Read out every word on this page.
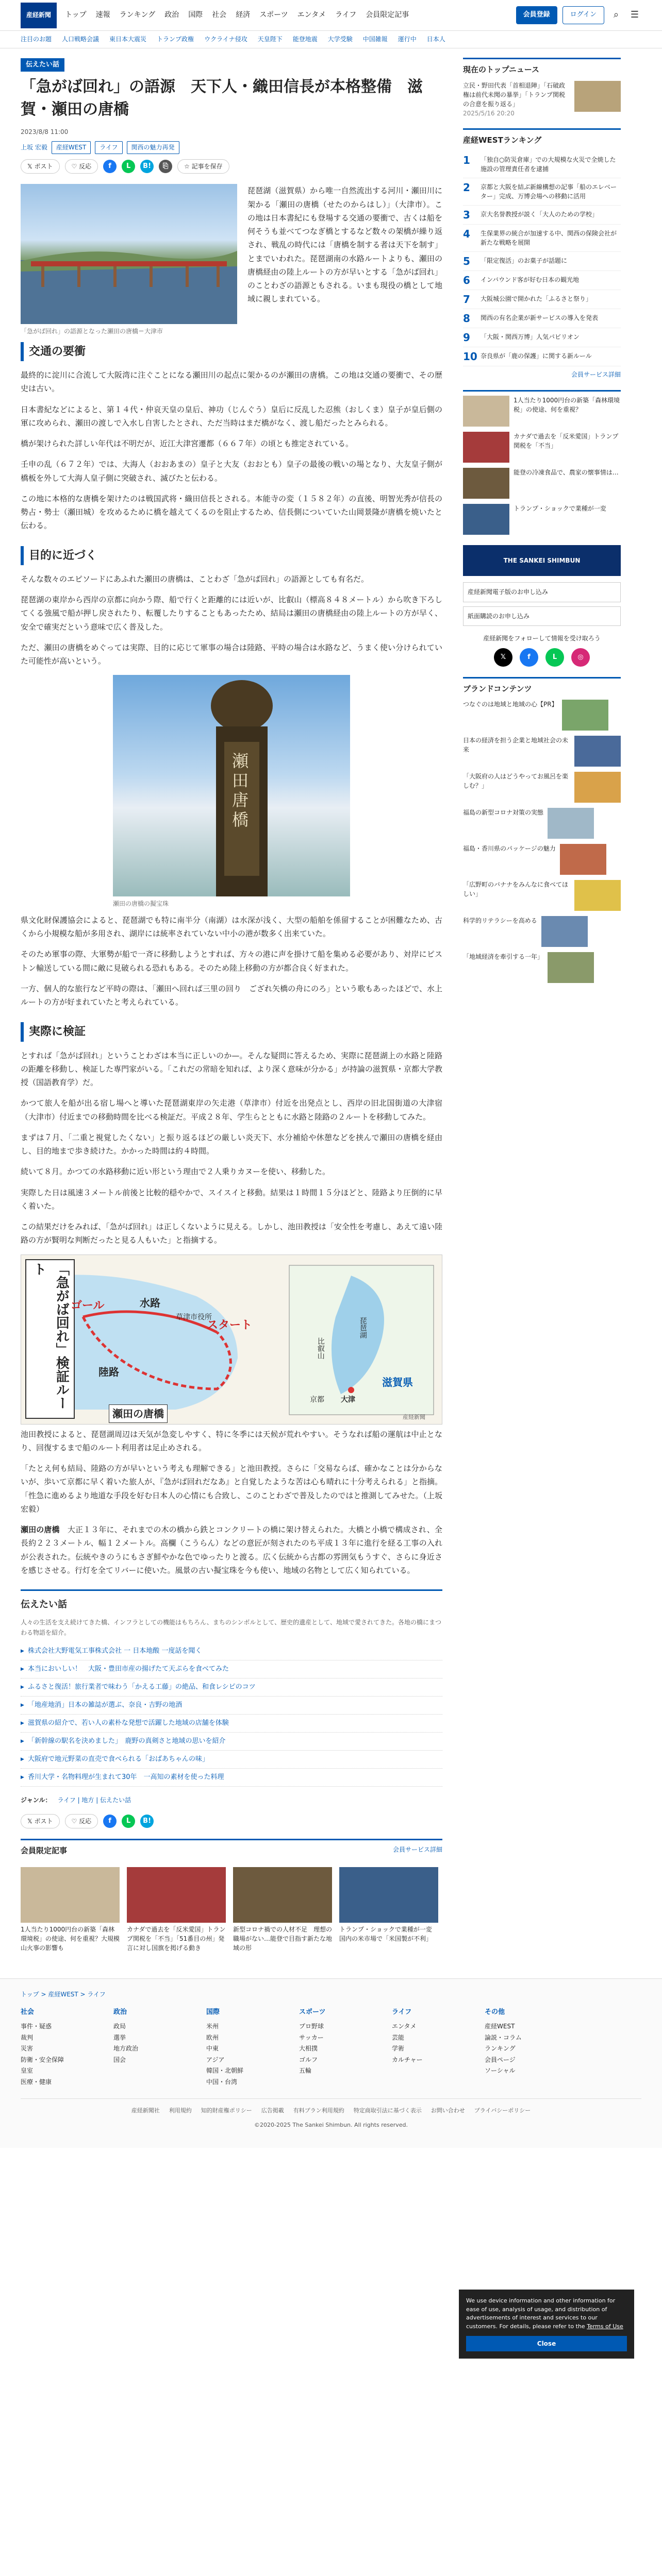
産経新聞	トップ 速報 ランキング 政治 国際 社会 経済 スポーツ エンタメ ライフ 会員限定記事	会員登録	ログイン	⌕	☰
注目のお題 人口戦略会議 東日本大震災 トランプ政権 ウクライナ侵攻 天皇陛下 能登地震 大学受験 中国雑報 運行中 日本人
伝えたい話
「急がば回れ」の語源　天下人・織田信長が本格整備　滋賀・瀬田の唐橋
2023/8/8 11:00
上坂 宏毅	産経WEST	ライフ	関西の魅力再発
𝕏 ポスト	♡ 反応	f	L	B!	⎘	☆ 記事を保存
「急がば回れ」の語源となった瀬田の唐橋＝大津市

琵琶湖（滋賀県）から唯一自然流出する河川・瀬田川に架かる「瀬田の唐橋（せたのからはし）」（大津市）。この地は日本書紀にも登場する交通の要衝で、古くは船を何そうも並べてつなぎ橋とするなど数々の架橋が繰り返され、戦乱の時代には「唐橋を制する者は天下を制す」とまでいわれた。琵琶湖南の水路ルートよりも、瀬田の唐橋経由の陸上ルートの方が早いとする「急がば回れ」のことわざの語源ともされる。いまも現役の橋として地域に親しまれている。

交通の要衝

最終的に淀川に合流して大阪湾に注ぐことになる瀬田川の起点に架かるのが瀬田の唐橋。この地は交通の要衝で、その歴史は古い。

日本書紀などによると、第１４代・仲哀天皇の皇后、神功（じんぐう）皇后に反乱した忍熊（おしくま）皇子が皇后側の軍に攻められ、瀬田の渡しで入水し自害したとされ、ただ当時はまだ橋がなく、渡し船だったとみられる。

橋が架けられた詳しい年代は不明だが、近江大津宮遷都（６６７年）の頃とも推定されている。

壬申の乱（６７２年）では、大海人（おおあまの）皇子と大友（おおとも）皇子の最後の戦いの場となり、大友皇子側が橋板を外して大海人皇子側に突破され、滅びたと伝わる。

この地に本格的な唐橋を架けたのは戦国武将・織田信長とされる。本能寺の変（１５８２年）の直後、明智光秀が信長の勢占・勢士（瀬田城）を攻めるために橋を越えてくるのを阻止するため、信長側についていた山岡景隆が唐橋を焼いたと伝わる。

目的に近づく

そんな数々のエピソードにあふれた瀬田の唐橋は、ことわざ「急がば回れ」の語源としても有名だ。

琵琶湖の東岸から西岸の京都に向かう際、船で行くと距離的には近いが、比叡山（標高８４８メートル）から吹き下ろしてくる強風で船が押し戻されたり、転覆したりすることもあったため、結局は瀬田の唐橋経由の陸上ルートの方が早く、安全で確実だという意味で広く普及した。

ただ、瀬田の唐橋をめぐっては実際、目的に応じて軍事の場合は陸路、平時の場合は水路など、うまく使い分けられていた可能性が高いという。

瀬田唐橋
瀬田の唐橋の擬宝珠

県文化財保護協会によると、琵琶湖でも特に南半分（南湖）は水深が浅く、大型の船舶を係留することが困難なため、古くから小規模な船が多用され、湖岸には統率されていない中小の港が数多く出来ていた。

そのため軍事の際、大軍勢が船で一斉に移動しようとすれば、方々の港に声を掛けて船を集める必要があり、対岸にピストン輸送している間に敵に見破られる恐れもある。そのため陸上移動の方が都合良く好まれた。

一方、個人的な旅行など平時の際は、「瀬田へ回れば三里の回り　ござれ矢橋の舟にのろ」という歌もあったほどで、水上ルートの方が好まれていたと考えられている。

実際に検証

とすれば「急がば回れ」ということわざは本当に正しいのか—。そんな疑問に答えるため、実際に琵琶湖上の水路と陸路の距離を移動し、検証した専門家がいる。「これだの常暗を知れば、より深く意味が分かる」が持論の滋賀県・京都大学教授（国語教育学）だ。

かつて旅人を船が出る宿し場へと導いた琵琶湖東岸の矢走港（草津市）付近を出発点とし、西岸の旧北国街道の大津宿（大津市）付近までの移動時間を比べる検証だ。平成２８年、学生らとともに水路と陸路の２ルートを移動してみた。

まずは７月、「二重と視覚したくない」と振り返るほどの厳しい炎天下、水分補給や休憩などを挟んで瀬田の唐橋を経由し、目的地まで歩き続けた。かかった時間は約４時間。

続いて８月。かつての水路移動に近い形という理由で２人乗りカヌーを使い、移動した。

実際した日は風速３メートル前後と比較的穏やかで、スイスイと移動。結果は１時間１５分ほどと、陸路より圧倒的に早く着いた。

この結果だけをみれば、「急がば回れ」は正しくないように見える。しかし、池田教授は「安全性を考慮し、あえて遠い陸路の方が賢明な判断だったと見る人もいた」と指摘する。

「急がば回れ」検証ルート
ゴール
スタート
水路
陸路
草津市役所
瀬田の唐橋
琵琶湖
滋賀県
大津
比叡山
京都
産経新聞

池田教授によると、琵琶湖周辺は天気が急変しやすく、特に冬季には天候が荒れやすい。そうなれば船の運航は中止となり、回復するまで船のルート利用者は足止めされる。

「たとえ何も結局、陸路の方が早いという考えも理解できる」と池田教授。さらに「交易ならば、確かなことは分からないが、歩いて京都に早く着いた旅人が、『急がば回れだなあ』と自覚したような苦は心も晴れに十分考えられる」と指摘。「性急に進めるより地道な手段を好む日本人の心情にも合致し、このことわざで普及したのではと推測してみせた。（上坂宏毅）

瀬田の唐橋　 大正１３年に、それまでの木の橋から鉄とコンクリートの橋に架け替えられた。大橋と小橋で構成され、全長約２２３メートル、幅１２メートル。高欄（こうらん）などの意匠が刻されたのち平成１３年に進行を経る工事の入れが公表された。伝統やきのうにもさぎ鮮やかな色でゆったりと渡る。広く伝統から古都の雰囲気もうすぐ、さらに身近さを感じさせる。行灯を全てリバーに使いた。風景の古い擬宝珠を今も使い、地域の名物として広く知られている。

伝えたい話

人々の生活を支え続けてきた橋、インフラとしての機能はもちろん、まちのシンボルとして、歴史的遺産として、地域で愛されてきた。各地の橋にまつわる物語を紹介。

▶ 株式会社大野電気工事株式会社 一 日本地酸 一度話を聞く
▶ 本当においしい！　大阪・豊田市産の揚げたて天ぷらを食べてみた
▶ ふるさと復活！旅行業者で味わう「かえる工藤」の絶品、和食レシピのコツ
▶ 「地産地消」日本の雑誌が選ぶ、奈良・吉野の地酒
▶ 滋賀県の紹介で、若い人の素朴な発想で活躍した地域の店舗を体験
▶ 「新幹線の駅名を決めました」　鹿野の真剣さと地域の思いを紹介
▶ 大阪府で地元野菜の直売で食べられる「おばあちゃんの味」
▶ 香川大学・名物料理が生まれて30年　一高知の素材を使った料理
ジャンル： ライフ | 地方 | 伝えたい話
𝕏 ポスト	♡ 反応	f	L	B!
会員限定記事	会員サービス詳細

1人当たり1000円台の新築「森林環境税」の使途、何を重視？大規模山火事の影響も

カナダで過去を「反米愛国」トランプ関税を「不当」「51番目の州」発言に対し国旗を掲げる動き

新型コロナ禍での人材不足　理想の職場がない…能登で目指す新たな地域の形

トランプ・ショックで業種が一変 国内の米市場で「米国製が不利」

現在のトップニュース
立民・野田代表「首相退陣」「石破政権は前代未聞の暴挙」「トランプ関税の合意を振り返る」
2025/5/16 20:20
産経WESTランキング
1	「独自○防災倉庫」での大規模な火災で全焼した施設の管理責任者を逮捕
2	京都と大阪を結ぶ新線構想の記事「船のエレベーター」完成、万博会場への移動に活用
3	京大名誉教授が説く「大人のための学校」
4	生保業界の統合が加速する中、関西の保険会社が新たな戦略を展開
5	「限定復活」のお菓子が話題に
6	インバウンド客が好む日本の観光地
7	大阪城公園で開かれた「ふるさと祭り」
8	関西の有名企業が新サービスの導入を発表
9	「大阪・関西万博」人気パビリオン
10 奈良県が「鹿の保護」に関する新ルール
会員サービス詳細
1人当たり1000円台の新築「森林環境税」の使途、何を重視？
カナダで過去を「反米愛国」トランプ関税を「不当」
能登の冷凍食品で、農家の懐事情は…
トランプ・ショックで業種が一変
THE SANKEI SHIMBUN
産経新聞電子版のお申し込み
紙面購読のお申し込み
産経新聞をフォローして情報を受け取ろう
𝕏	f	L	◎
ブランドコンテンツ
つなぐのは地域と地域の心【PR】
日本の経済を担う企業と地域社会の未来
「大阪府の人はどうやってお風呂を楽しむ？」
福島の新型コロナ対策の実態
福島・香川県のパッケージの魅力
「広野町のバナナをみんなに食べてほしい」
科学的リテラシーを高める
「地域経済を牽引する一年」
We use device information and other information for ease of use, analysis of usage, and distribution of advertisements of interest and services to our customers. For details, please refer to the Terms of Use
Close
トップ > 産経WEST > ライフ
社会
事件・疑惑
裁判
災害
防衛・安全保障
皇室
医療・健康
政治
政局
選挙
地方政治
国会
国際
米州
欧州
中東
アジア
韓国・北朝鮮
中国・台湾
スポーツ
プロ野球
サッカー
大相撲
ゴルフ
五輪
ライフ
エンタメ
芸能
学術
カルチャー
その他
産経WEST
論説・コラム
ランキング
会員ページ
ソーシャル
産経新聞社 利用規約 知的財産権ポリシー 広告掲載 有料プラン利用規約 特定商取引法に基づく表示 お問い合わせ プライバシーポリシー
©2020-2025 The Sankei Shimbun. All rights reserved.
